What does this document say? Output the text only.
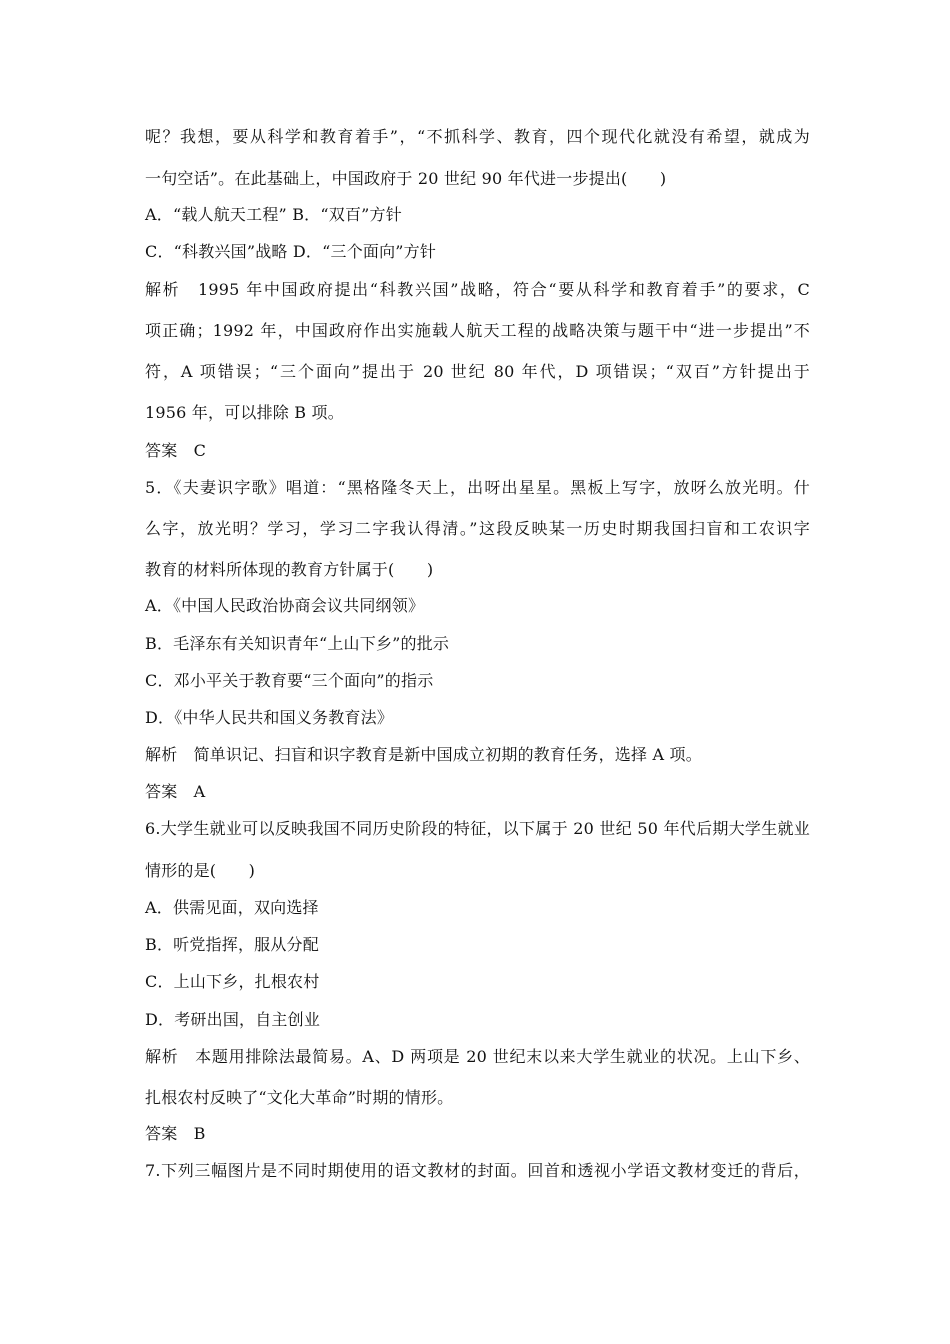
呢？我想，要从科学和教育着手”，“不抓科学、教育，四个现代化就没有希望，就成为
一句空话”。在此基础上，中国政府于 20 世纪 90 年代进一步提出(　　)
A．“载人航天工程” B．“双百”方针
C．“科教兴国”战略 D．“三个面向”方针
解析　1995 年中国政府提出“科教兴国”战略，符合“要从科学和教育着手”的要求，C
项正确；1992 年，中国政府作出实施载人航天工程的战略决策与题干中“进一步提出”不
符，A 项错误；“三个面向”提出于 20 世纪 80 年代，D 项错误；“双百”方针提出于
1956 年，可以排除 B 项。
答案　C
5．《夫妻识字歌》唱道：“黑格隆冬天上，出呀出星星。黑板上写字，放呀么放光明。什
么字，放光明？学习，学习二字我认得清。”这段反映某一历史时期我国扫盲和工农识字
教育的材料所体现的教育方针属于(　　)
A．《中国人民政治协商会议共同纲领》
B．毛泽东有关知识青年“上山下乡”的批示
C．邓小平关于教育要“三个面向”的指示
D．《中华人民共和国义务教育法》
解析　简单识记、扫盲和识字教育是新中国成立初期的教育任务，选择 A 项。
答案　A
6.大学生就业可以反映我国不同历史阶段的特征，以下属于 20 世纪 50 年代后期大学生就业
情形的是(　　)
A．供需见面，双向选择
B．听党指挥，服从分配
C．上山下乡，扎根农村
D．考研出国，自主创业
解析　本题用排除法最简易。A、D 两项是 20 世纪末以来大学生就业的状况。上山下乡、
扎根农村反映了“文化大革命”时期的情形。
答案　B
7.下列三幅图片是不同时期使用的语文教材的封面。回首和透视小学语文教材变迁的背后，
